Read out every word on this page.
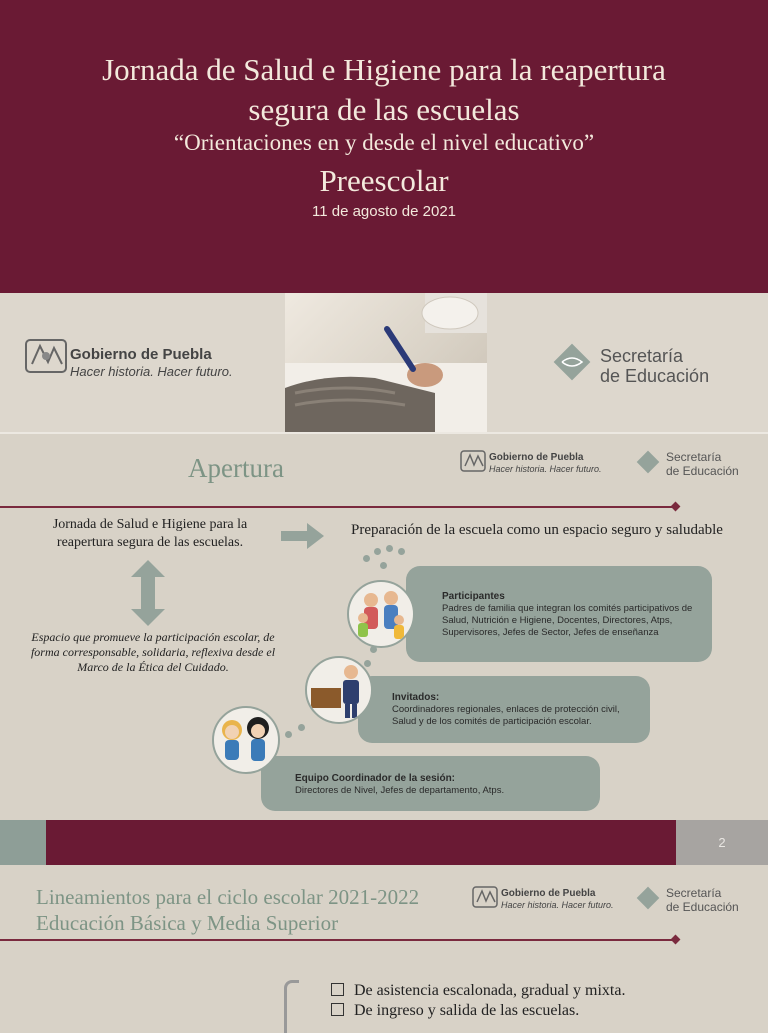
Jornada de Salud e Higiene para la reapertura
segura de las escuelas
“Orientaciones en y desde el nivel educativo”
Preescolar
11 de agosto de 2021
Gobierno de Puebla
Hacer historia. Hacer futuro.
Secretaría
de Educación
Apertura	Gobierno de Puebla
Hacer historia. Hacer futuro.
Secretaría
de Educación
Jornada de Salud e Higiene para la reapertura segura de las escuelas.
Espacio que promueve la participación escolar, de forma corresponsable, solidaria, reflexiva desde el Marco de la Ética del Cuidado.
Preparación de la escuela como un espacio seguro y saludable
Participantes
Padres de familia que integran los comités participativos de Salud, Nutrición e Higiene, Docentes, Directores, Atps, Supervisores, Jefes de Sector, Jefes de enseñanza
Invitados:
Coordinadores regionales, enlaces de protección civil, Salud y de los comités de participación escolar.
Equipo Coordinador de la sesión:
Directores de Nivel, Jefes de departamento, Atps.
2
Lineamientos para el ciclo escolar 2021-2022 Educación Básica y Media Superior
Gobierno de Puebla
Hacer historia. Hacer futuro.
Secretaría
de Educación
De asistencia escalonada, gradual y mixta.
De ingreso y salida de las escuelas.
